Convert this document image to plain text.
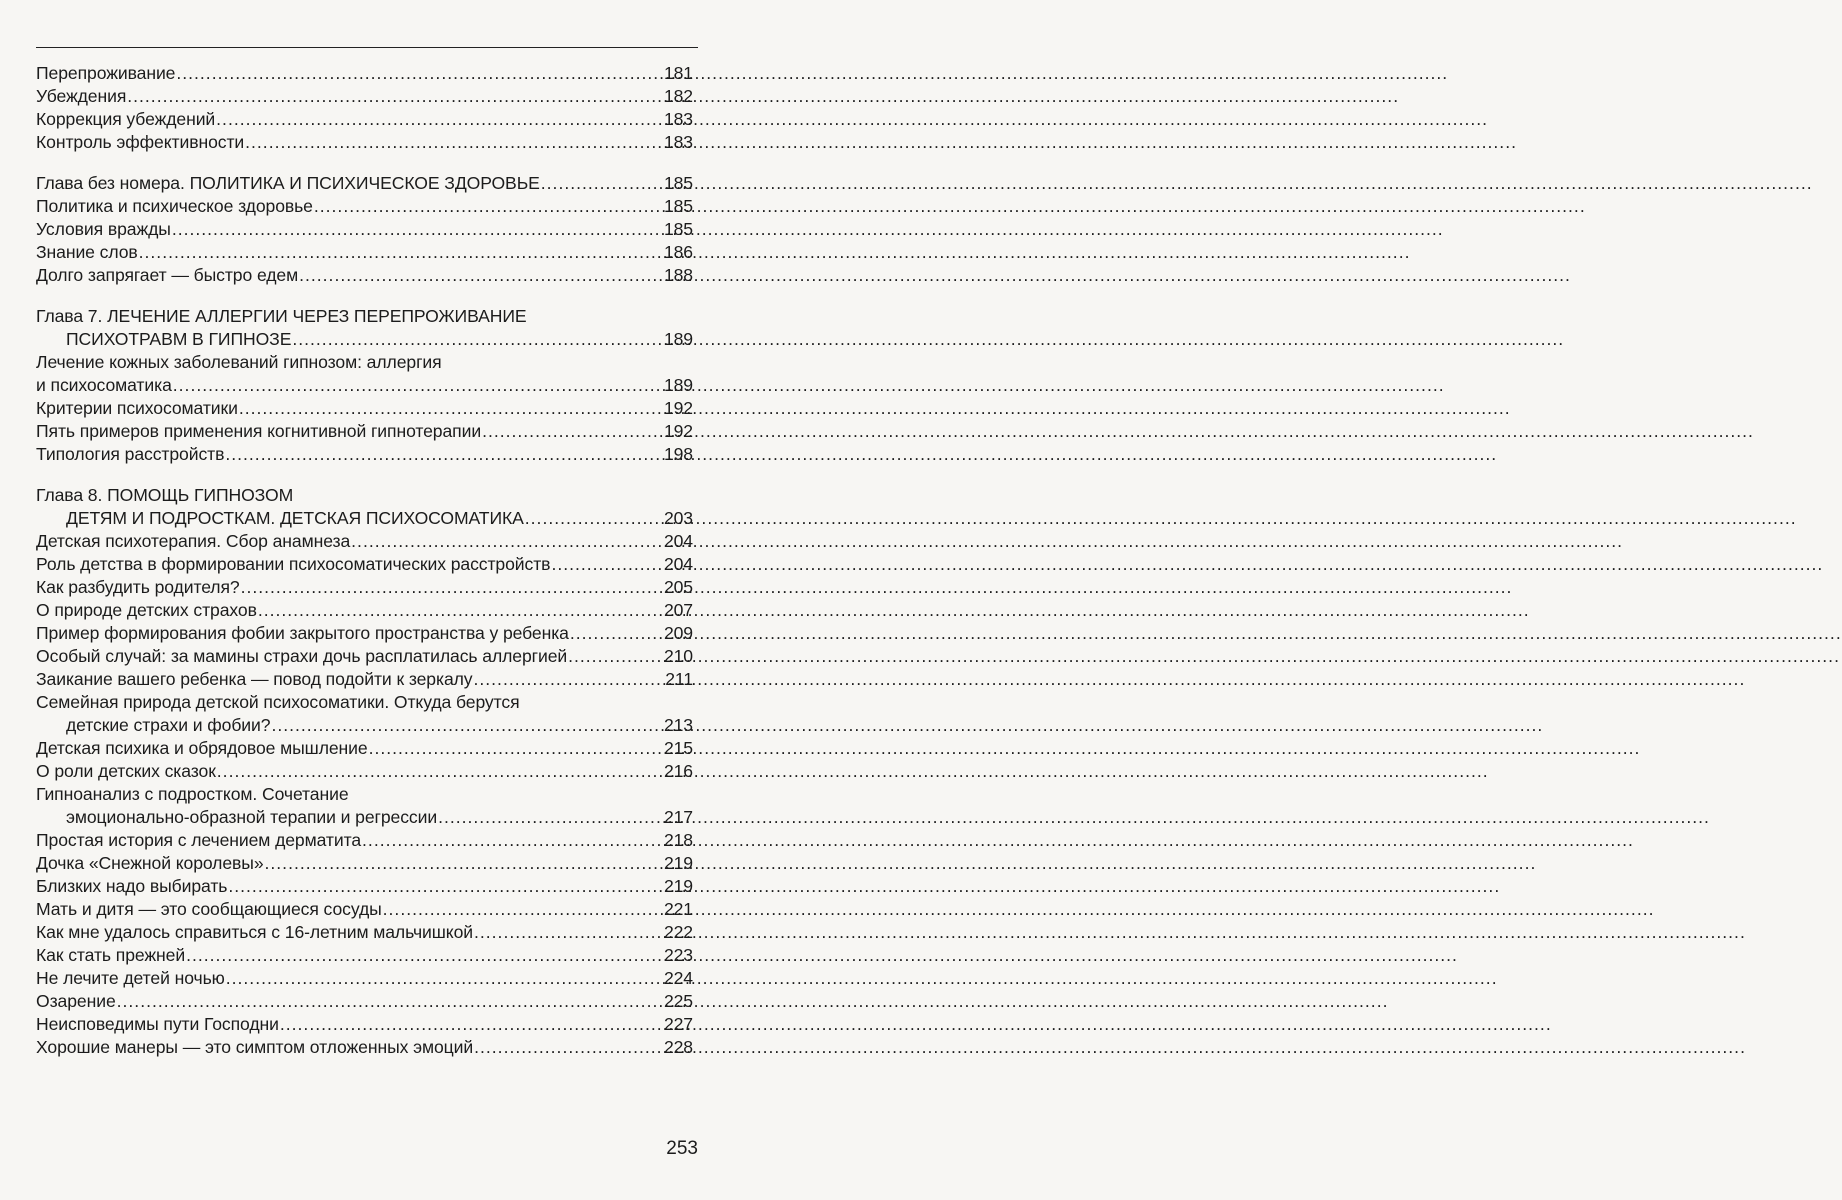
Перепроживание .....	181
Убеждения .....	182
Коррекция убеждений .....	183
Контроль эффективности .....	183
Глава без номера. ПОЛИТИКА И ПСИХИЧЕСКОЕ ЗДОРОВЬЕ .....	185
Политика и психическое здоровье .....	185
Условия вражды .....	185
Знание слов .....	186
Долго запрягает — быстро едем .....	188
Глава 7. ЛЕЧЕНИЕ АЛЛЕРГИИ ЧЕРЕЗ ПЕРЕПРОЖИВАНИЕ
ПСИХОТРАВМ В ГИПНОЗЕ .....	189
Лечение кожных заболеваний гипнозом: аллергия
и психосоматика .....	189
Критерии психосоматики .....	192
Пять примеров применения когнитивной гипнотерапии .....	192
Типология расстройств .....	198
Глава 8. ПОМОЩЬ ГИПНОЗОМ
ДЕТЯМ И ПОДРОСТКАМ. ДЕТСКАЯ ПСИХОСОМАТИКА .....	203
Детская психотерапия. Сбор анамнеза .....	204
Роль детства в формировании психосоматических расстройств .....	204
Как разбудить родителя? .....	205
О природе детских страхов .....	207
Пример формирования фобии закрытого пространства у ребенка .....	209
Особый случай: за мамины страхи дочь расплатилась аллергией .....	210
Заикание вашего ребенка — повод подойти к зеркалу .....	211
Семейная природа детской психосоматики. Откуда берутся
детские страхи и фобии? .....	213
Детская психика и обрядовое мышление .....	215
О роли детских сказок .....	216
Гипноанализ с подростком. Сочетание
эмоционально-образной терапии и регрессии .....	217
Простая история с лечением дерматита .....	218
Дочка «Снежной королевы» .....	219
Близких надо выбирать .....	219
Мать и дитя — это сообщающиеся сосуды .....	221
Как мне удалось справиться с 16-летним мальчишкой .....	222
Как стать прежней .....	223
Не лечите детей ночью .....	224
Озарение .....	225
Неисповедимы пути Господни .....	227
Хорошие манеры — это симптом отложенных эмоций .....	228
253
